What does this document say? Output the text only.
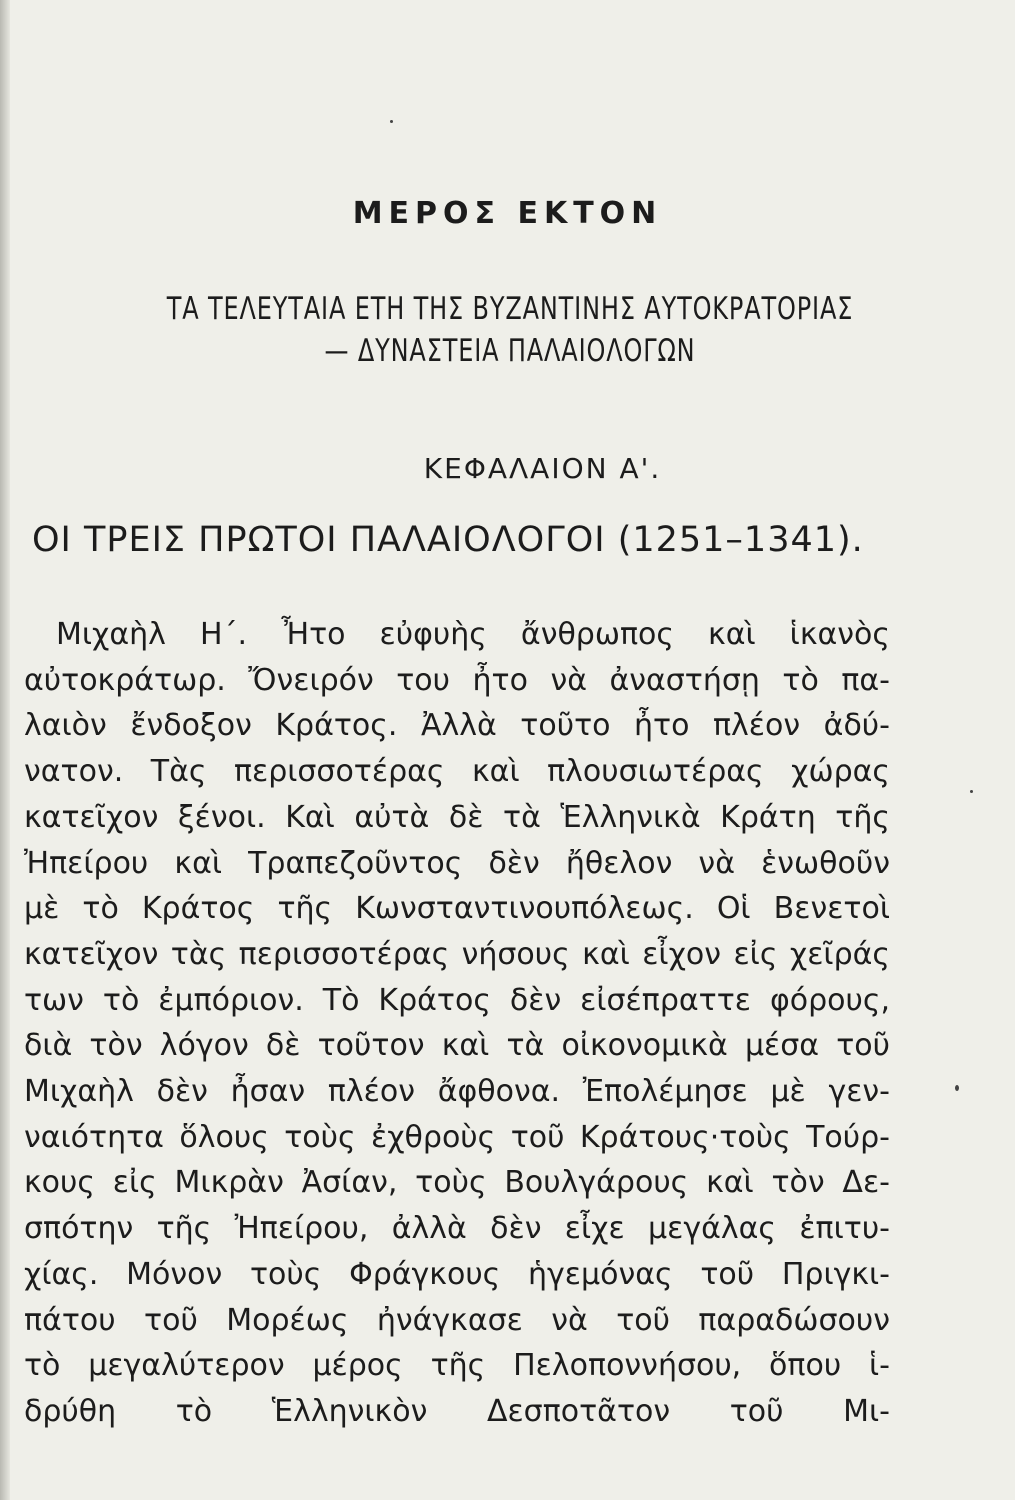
ΜΕΡΟΣ ΕΚΤΟΝ
ΤΑ ΤΕΛΕΥΤΑΙΑ ΕΤΗ ΤΗΣ ΒΥΖΑΝΤΙΝΗΣ ΑΥΤΟΚΡΑΤΟΡΙΑΣ
— ΔΥΝΑΣΤΕΙΑ ΠΑΛΑΙΟΛΟΓΩΝ
ΚΕΦΑΛΑΙΟΝ Α'.
ΟΙ ΤΡΕΙΣ ΠΡΩΤΟΙ ΠΑΛΑΙΟΛΟΓΟΙ (1251–1341).
Μιχαὴλ Η΄. Ἦτο εὐφυὴς ἄνθρωπος καὶ ἱκανὸς
αὐτοκράτωρ. Ὄνειρόν του ἦτο νὰ ἀναστήσῃ τὸ πα-
λαιὸν ἔνδοξον Κράτος. Ἀλλὰ τοῦτο ἦτο πλέον ἀδύ-
νατον. Τὰς περισσοτέρας καὶ πλουσιωτέρας χώρας
κατεῖχον ξένοι. Καὶ αὐτὰ δὲ τὰ Ἑλληνικὰ Κράτη τῆς
Ἠπείρου καὶ Τραπεζοῦντος δὲν ἤθελον νὰ ἑνωθοῦν
μὲ τὸ Κράτος τῆς Κωνσταντινουπόλεως. Οἱ Βενετοὶ
κατεῖχον τὰς περισσοτέρας νήσους καὶ εἶχον εἰς χεῖράς
των τὸ ἐμπόριον. Τὸ Κράτος δὲν εἰσέπραττε φόρους,
διὰ τὸν λόγον δὲ τοῦτον καὶ τὰ οἰκονομικὰ μέσα τοῦ
Μιχαὴλ δὲν ἦσαν πλέον ἄφθονα. Ἐπολέμησε μὲ γεν-
ναιότητα ὅλους τοὺς ἐχθροὺς τοῦ Κράτους·τοὺς Τούρ-
κους εἰς Μικρὰν Ἀσίαν, τοὺς Βουλγάρους καὶ τὸν Δε-
σπότην τῆς Ἠπείρου, ἀλλὰ δὲν εἶχε μεγάλας ἐπιτυ-
χίας. Μόνον τοὺς Φράγκους ἡγεμόνας τοῦ Πριγκι-
πάτου τοῦ Μορέως ἠνάγκασε νὰ τοῦ παραδώσουν
τὸ μεγαλύτερον μέρος τῆς Πελοποννήσου, ὅπου ἱ-
δρύθη τὸ Ἑλληνικὸν Δεσποτᾶτον τοῦ Μι-
